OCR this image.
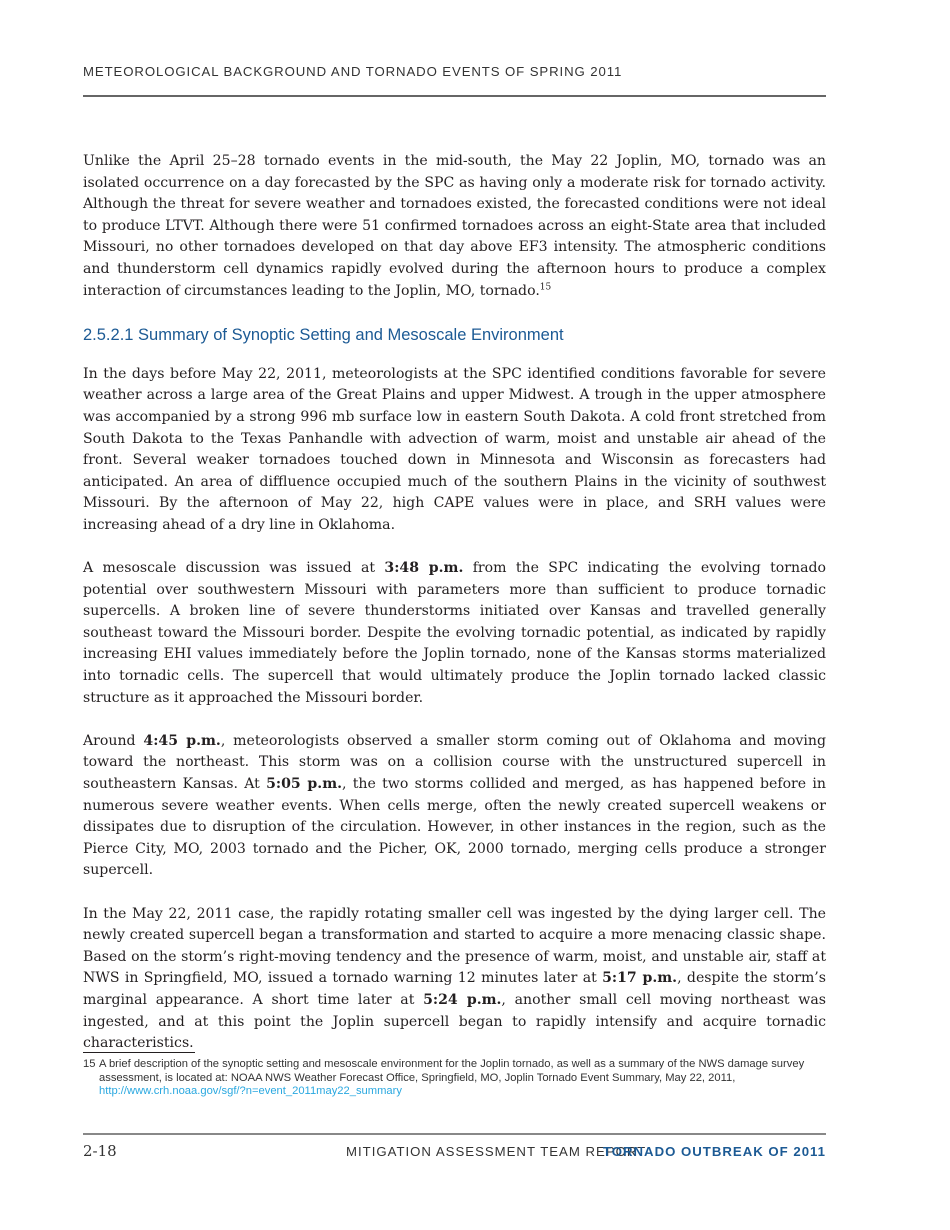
METEOROLOGICAL BACKGROUND AND TORNADO EVENTS OF SPRING 2011

Unlike the April 25–28 tornado events in the mid-south, the May 22 Joplin, MO, tornado was an isolated occurrence on a day forecasted by the SPC as having only a moderate risk for tornado activity. Although the threat for severe weather and tornadoes existed, the forecasted conditions were not ideal to produce LTVT. Although there were 51 confirmed tornadoes across an eight-State area that included Missouri, no other tornadoes developed on that day above EF3 intensity. The atmospheric conditions and thunderstorm cell dynamics rapidly evolved during the afternoon hours to produce a complex interaction of circumstances leading to the Joplin, MO, tornado.$^{15}$

2.5.2.1 Summary of Synoptic Setting and Mesoscale Environment

In the days before May 22, 2011, meteorologists at the SPC identified conditions favorable for severe weather across a large area of the Great Plains and upper Midwest. A trough in the upper atmosphere was accompanied by a strong 996 mb surface low in eastern South Dakota. A cold front stretched from South Dakota to the Texas Panhandle with advection of warm, moist and unstable air ahead of the front. Several weaker tornadoes touched down in Minnesota and Wisconsin as forecasters had anticipated. An area of diffluence occupied much of the southern Plains in the vicinity of southwest Missouri. By the afternoon of May 22, high CAPE values were in place, and SRH values were increasing ahead of a dry line in Oklahoma.

A mesoscale discussion was issued at 3:48 p.m. from the SPC indicating the evolving tornado potential over southwestern Missouri with parameters more than sufficient to produce tornadic supercells. A broken line of severe thunderstorms initiated over Kansas and travelled generally southeast toward the Missouri border. Despite the evolving tornadic potential, as indicated by rapidly increasing EHI values immediately before the Joplin tornado, none of the Kansas storms materialized into tornadic cells. The supercell that would ultimately produce the Joplin tornado lacked classic structure as it approached the Missouri border.

Around 4:45 p.m., meteorologists observed a smaller storm coming out of Oklahoma and moving toward the northeast. This storm was on a collision course with the unstructured supercell in southeastern Kansas. At 5:05 p.m., the two storms collided and merged, as has happened before in numerous severe weather events. When cells merge, often the newly created supercell weakens or dissipates due to disruption of the circulation. However, in other instances in the region, such as the Pierce City, MO, 2003 tornado and the Picher, OK, 2000 tornado, merging cells produce a stronger supercell.

In the May 22, 2011 case, the rapidly rotating smaller cell was ingested by the dying larger cell. The newly created supercell began a transformation and started to acquire a more menacing classic shape. Based on the storm’s right-moving tendency and the presence of warm, moist, and unstable air, staff at NWS in Springfield, MO, issued a tornado warning 12 minutes later at 5:17 p.m., despite the storm’s marginal appearance. A short time later at 5:24 p.m., another small cell moving northeast was ingested, and at this point the Joplin supercell began to rapidly intensify and acquire tornadic characteristics.

15 A brief description of the synoptic setting and mesoscale environment for the Joplin tornado, as well as a summary of the NWS damage survey assessment, is located at: NOAA NWS Weather Forecast Office, Springfield, MO, Joplin Tornado Event Summary, May 22, 2011,
http://www.crh.noaa.gov/sgf/?n=event_2011may22_summary
2-18	MITIGATION ASSESSMENT TEAM REPORT
TORNADO OUTBREAK OF 2011
